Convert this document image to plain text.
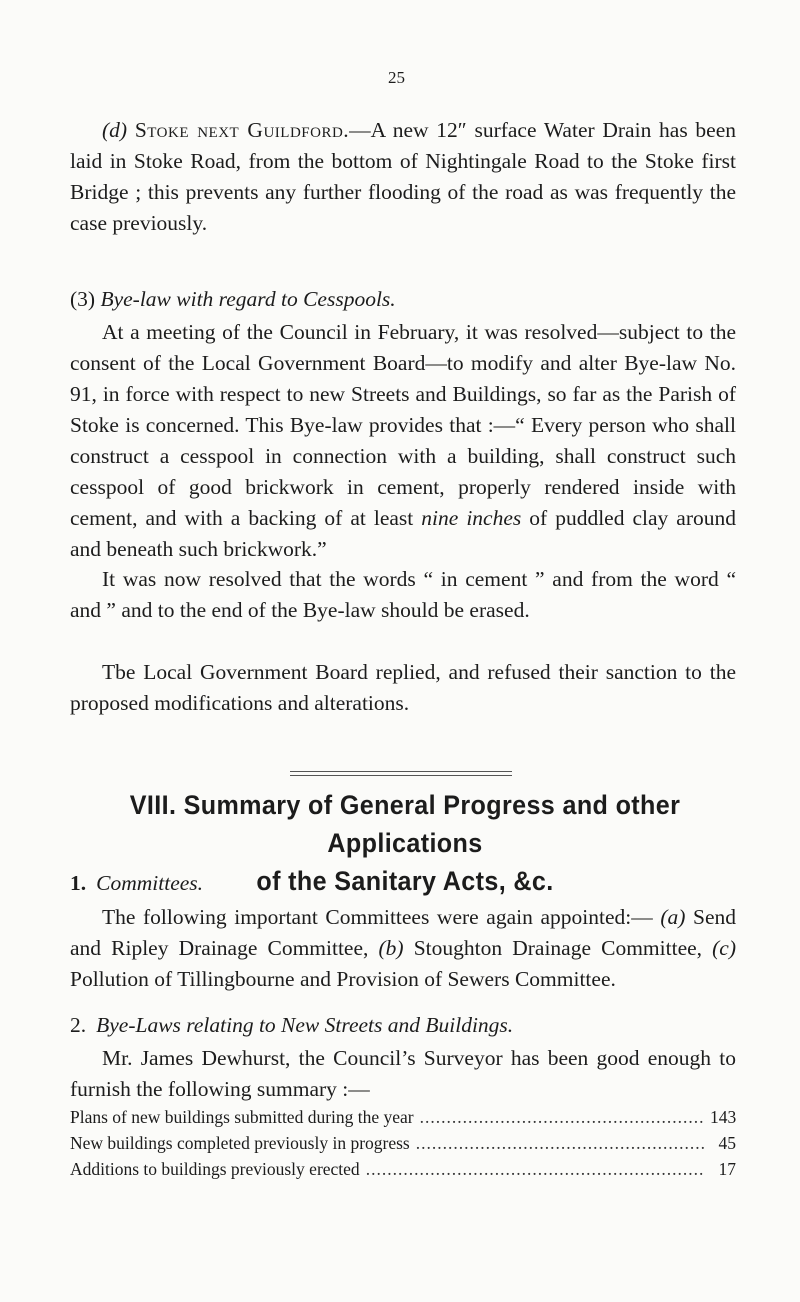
25
(d) Stoke next Guildford.—A new 12″ surface Water Drain has been laid in Stoke Road, from the bottom of Nightingale Road to the Stoke first Bridge ; this prevents any further flooding of the road as was frequently the case previously.
(3) Bye-law with regard to Cesspools.
At a meeting of the Council in February, it was resolved—subject to the consent of the Local Government Board—to modify and alter Bye-law No. 91, in force with respect to new Streets and Buildings, so far as the Parish of Stoke is concerned. This Bye-law provides that :—“ Every person who shall construct a cesspool in connection with a building, shall construct such cesspool of good brickwork in cement, properly rendered inside with cement, and with a backing of at least nine inches of puddled clay around and beneath such brickwork.”
It was now resolved that the words “ in cement ” and from the word “ and ” and to the end of the Bye-law should be erased.
Tbe Local Government Board replied, and refused their sanction to the proposed modifications and alterations.
VIII. Summary of General Progress and other Applications
of the Sanitary Acts, &c.
1. Committees.
The following important Committees were again appointed:— (a) Send and Ripley Drainage Committee, (b) Stoughton Drainage Committee, (c) Pollution of Tillingbourne and Provision of Sewers Committee.
2. Bye-Laws relating to New Streets and Buildings.
Mr. James Dewhurst, the Council’s Surveyor has been good enough to furnish the following summary :—
Plans of new buildings submitted during the year .....	143
New buildings completed previously in progress .....	45
Additions to buildings previously erected .....	17
